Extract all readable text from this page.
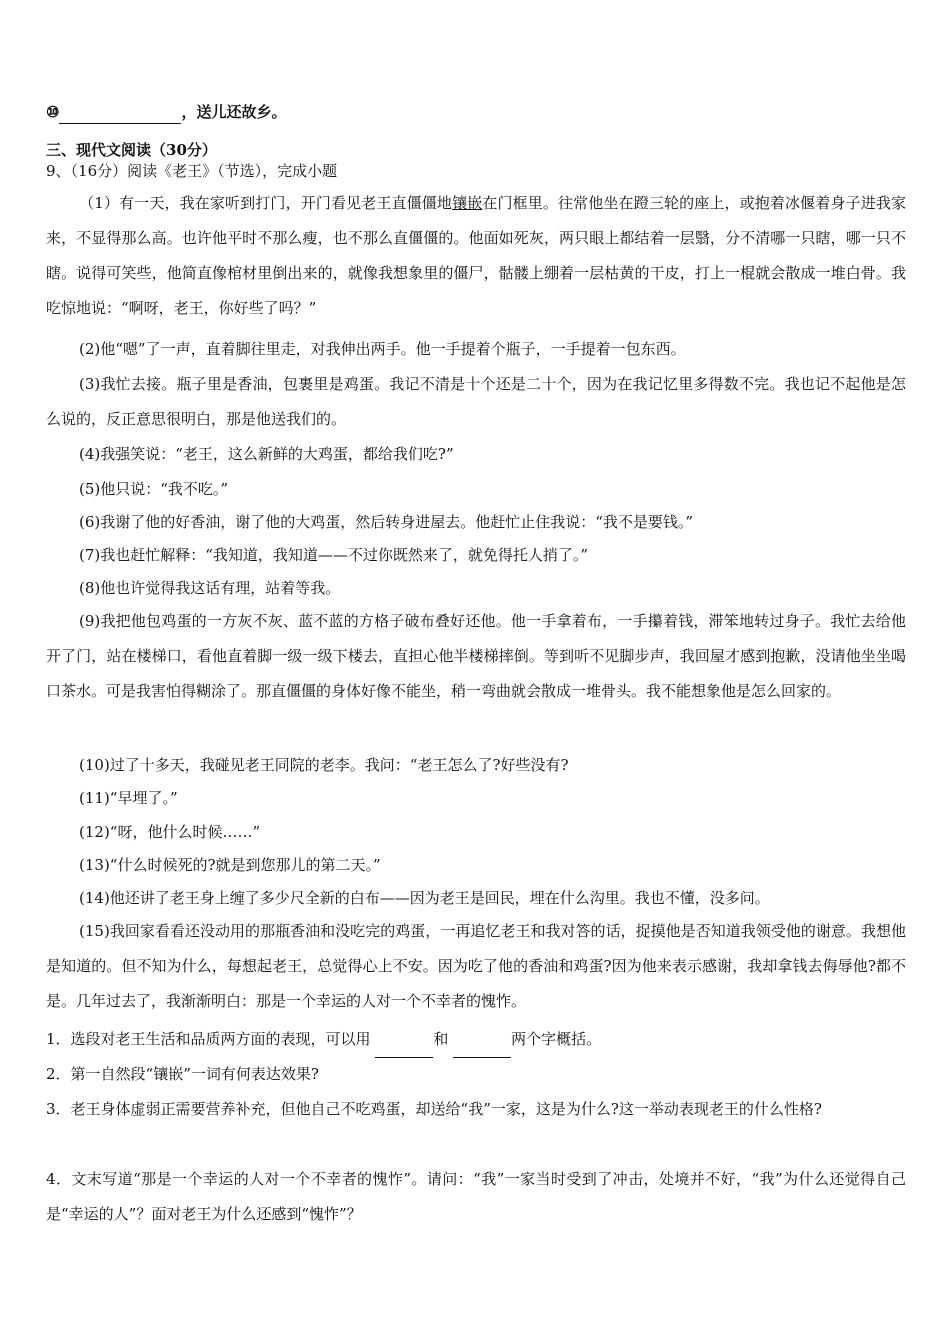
⑩	，送儿还故乡。
三、现代文阅读（30分）
9、（16分）阅读《老王》（节选），完成小题
（1）有一天，我在家听到打门，开门看见老王直僵僵地镶嵌在门框里。往常他坐在蹬三轮的座上，或抱着冰偃着身子进我家来，不显得那么高。也许他平时不那么瘦，也不那么直僵僵的。他面如死灰，两只眼上都结着一层翳，分不清哪一只瞎，哪一只不瞎。说得可笑些，他简直像棺材里倒出来的，就像我想象里的僵尸，骷髅上绷着一层枯黄的干皮，打上一棍就会散成一堆白骨。我吃惊地说：“啊呀，老王，你好些了吗？”
(2)他“嗯”了一声，直着脚往里走，对我伸出两手。他一手提着个瓶子，一手提着一包东西。
(3)我忙去接。瓶子里是香油，包裹里是鸡蛋。我记不清是十个还是二十个，因为在我记忆里多得数不完。我也记不起他是怎么说的，反正意思很明白，那是他送我们的。
(4)我强笑说：“老王，这么新鲜的大鸡蛋，都给我们吃?”
(5)他只说：“我不吃。”
(6)我谢了他的好香油，谢了他的大鸡蛋，然后转身进屋去。他赶忙止住我说：“我不是要钱。”
(7)我也赶忙解释：“我知道，我知道——不过你既然来了，就免得托人捎了。”
(8)他也许觉得我这话有理，站着等我。
(9)我把他包鸡蛋的一方灰不灰、蓝不蓝的方格子破布叠好还他。他一手拿着布，一手攥着钱，滞笨地转过身子。我忙去给他开了门，站在楼梯口，看他直着脚一级一级下楼去，直担心他半楼梯摔倒。等到听不见脚步声，我回屋才感到抱歉，没请他坐坐喝口茶水。可是我害怕得糊涂了。那直僵僵的身体好像不能坐，稍一弯曲就会散成一堆骨头。我不能想象他是怎么回家的。
(10)过了十多天，我碰见老王同院的老李。我问：“老王怎么了?好些没有?
(11)“早埋了。”
(12)“呀，他什么时候……”
(13)“什么时候死的?就是到您那儿的第二天。”
(14)他还讲了老王身上缠了多少尺全新的白布——因为老王是回民，埋在什么沟里。我也不懂，没多问。
(15)我回家看看还没动用的那瓶香油和没吃完的鸡蛋，一再追忆老王和我对答的话，捉摸他是否知道我领受他的谢意。我想他是知道的。但不知为什么，每想起老王，总觉得心上不安。因为吃了他的香油和鸡蛋?因为他来表示感谢，我却拿钱去侮辱他?都不是。几年过去了，我渐渐明白：那是一个幸运的人对一个不幸者的愧怍。
1．选段对老王生活和品质两方面的表现，可以用	和	两个字概括。
2．第一自然段“镶嵌”一词有何表达效果?
3．老王身体虚弱正需要营养补充，但他自己不吃鸡蛋，却送给“我”一家，这是为什么?这一举动表现老王的什么性格?
4．文末写道“那是一个幸运的人对一个不幸者的愧怍”。请问：“我”一家当时受到了冲击，处境并不好，“我”为什么还觉得自己是“幸运的人”？面对老王为什么还感到“愧怍”？
